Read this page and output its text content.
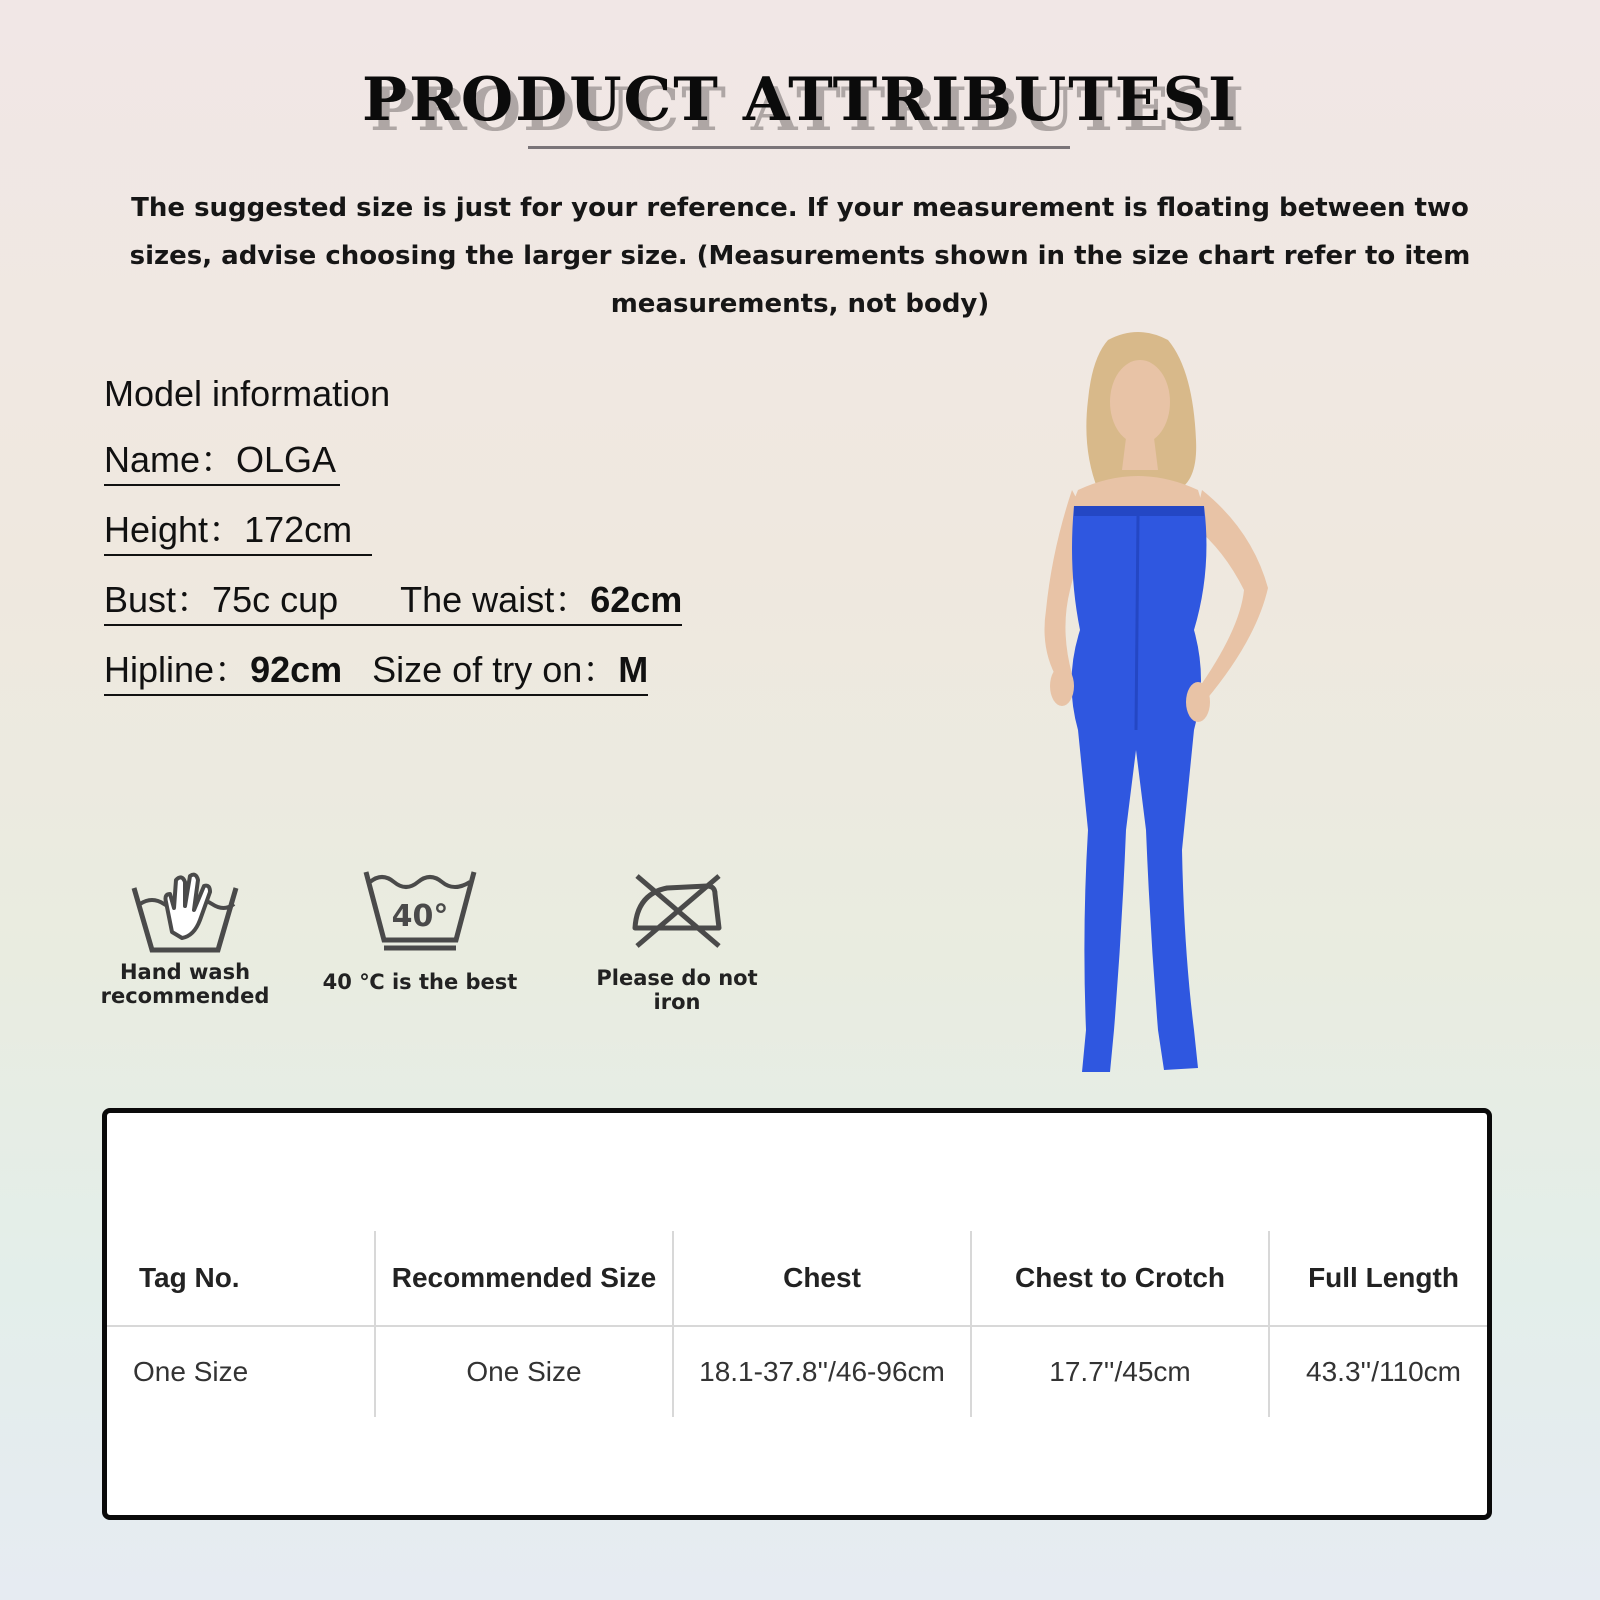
PRODUCT ATTRIBUTESI
The suggested size is just for your reference. If your measurement is floating between two sizes, advise choosing the larger size. (Measurements shown in the size chart refer to item measurements, not body)
Model information
Name：OLGA
Height：172cm
Bust：75c cup The waist：62cm
Hipline：92cm Size of try on：M
Hand wash recommended
40°
40 ℃ is the best	Please do not iron
Tag No.	Recommended Size	Chest	Chest to Crotch	Full Length
One Size	One Size	18.1-37.8''/46-96cm	17.7''/45cm	43.3''/110cm
